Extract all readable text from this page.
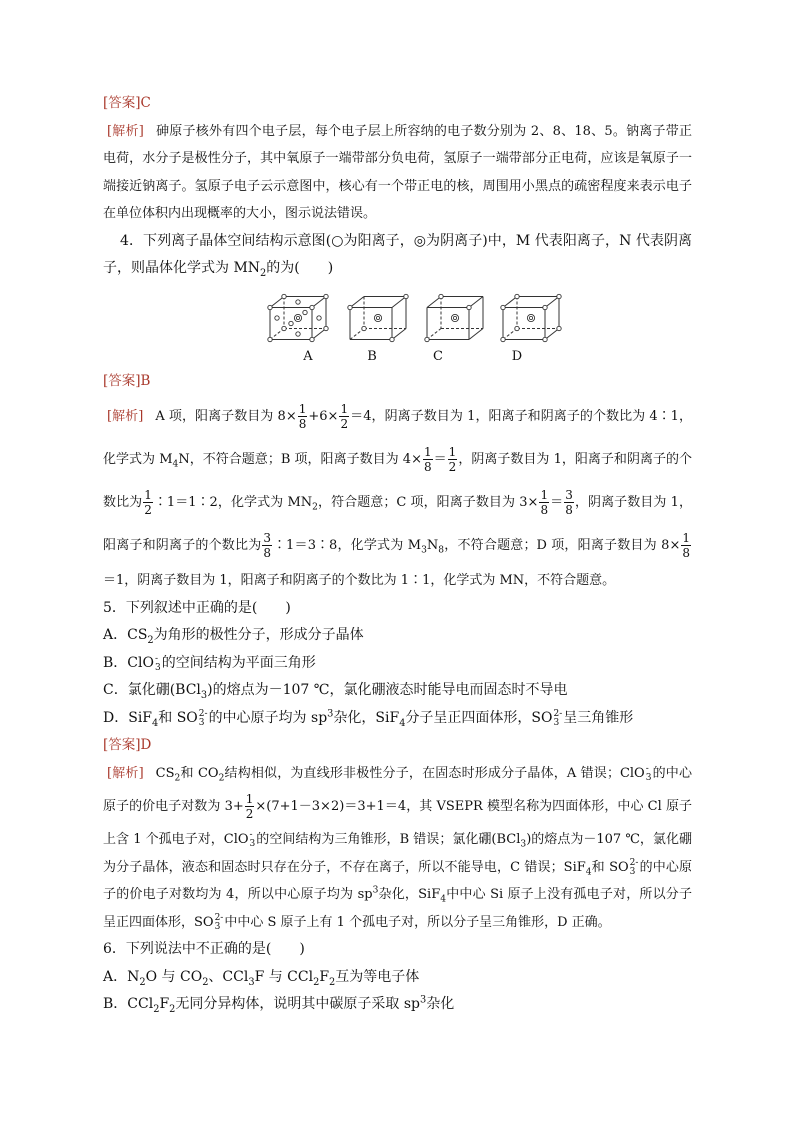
[答案]C

[解析] 砷原子核外有四个电子层，每个电子层上所容纳的电子数分别为 2、8、18、5。钠离子带正电荷，水分子是极性分子，其中氧原子一端带部分负电荷，氢原子一端带部分正电荷，应该是氧原子一端接近钠离子。氢原子电子云示意图中，核心有一个带正电的核，周围用小黑点的疏密程度来表示电子在单位体积内出现概率的大小，图示说法错误。

4．下列离子晶体空间结构示意图(○为阳离子，◎为阴离子)中，M 代表阳离子，N 代表阴离子，则晶体化学式为 $MN_2$的为(　　)

A	B	C	D

[答案]B

[解析] A 项，阳离子数目为 $8\times \frac{1}{8} +6\times \frac{1}{2} =4$，阴离子数目为 1，阳离子和阴离子的个数比为 4∶1，化学式为 $M_4N$，不符合题意；B 项，阳离子数目为 $4\times \frac{1}{8} = \frac{1}{2}$ ，阴离子数目为 1，阳离子和阴离子的个数比为 $\frac{1}{2}$ ∶1＝1∶2，化学式为 $MN_2$，符合题意；C 项，阳离子数目为 $3\times \frac{1}{8} = \frac{3}{8}$ ，阴离子数目为 1，阳离子和阴离子的个数比为 $\frac{3}{8}$ ∶1＝3∶8，化学式为 $M_3N_8$，不符合题意；D 项，阳离子数目为 $8\times \frac{1}{8}$
＝1，阴离子数目为 1，阳离子和阴离子的个数比为 1∶1，化学式为 MN，不符合题意。

5．下列叙述中正确的是(　　)

A．$CS_2$为角形的极性分子，形成分子晶体

B．ClO -
3 的空间结构为平面三角形

C．氯化硼(BCl$_3$)的熔点为－107 ℃，氯化硼液态时能导电而固态时不导电

D．SiF$_4$和 SO 2-
3 的中心原子均为 $sp^3$杂化，SiF$_4$分子呈正四面体形，SO 2-
3 呈三角锥形

[答案]D

[解析] $CS_2$和 $CO_2$结构相似，为直线形非极性分子，在固态时形成分子晶体，A 错误；ClO -
3 的中心原子的价电子对数为 $3+ \frac{1}{2} \times(7+1-3\times 2)=3+1=4$，其 VSEPR 模型名称为四面体形，中心 Cl 原子上含 1 个孤电子对，ClO -
3 的空间结构为三角锥形，B 错误；氯化硼(BCl$_3$)的熔点为－107 ℃，氯化硼为分子晶体，液态和固态时只存在分子，不存在离子，所以不能导电，C 错误；SiF$_4$和 SO 2-
3 的中心原子的价电子对数均为 4，所以中心原子均为 $sp^3$杂化，SiF$_4$中中心 Si 原子上没有孤电子对，所以分子呈正四面体形，SO 2-
3 中中心 S 原子上有 1 个孤电子对，所以分子呈三角锥形，D 正确。

6．下列说法中不正确的是(　　)

A．$N_2O$ 与 $CO_2$、CCl$_3$F 与 $CCl_2F_2$互为等电子体

B．$CCl_2F_2$无同分异构体，说明其中碳原子采取 $sp^3$杂化
